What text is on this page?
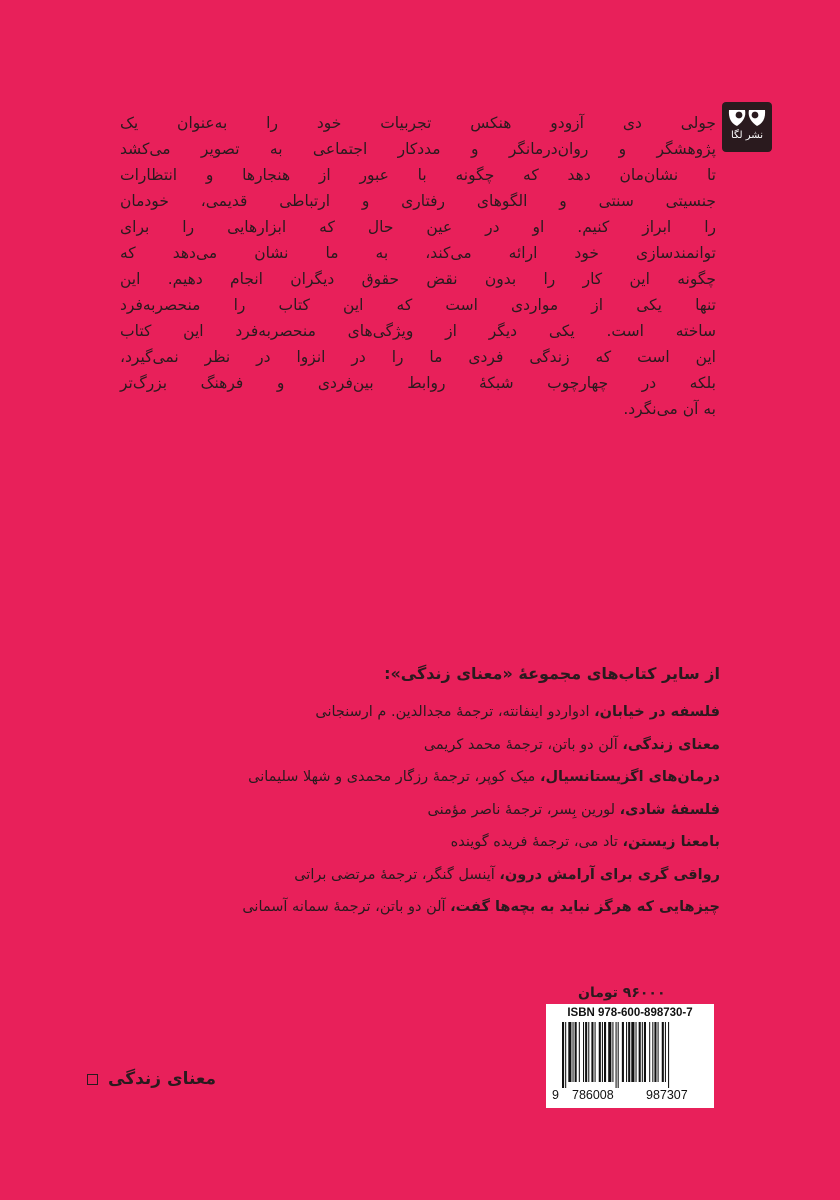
نشر لگا
جولی دی آزودو هنکس تجربیات خود را به‌عنوان یک
پژوهشگر و روان‌درمانگر و مددکار اجتماعی به تصویر می‌کشد
تا نشان‌مان دهد که چگونه با عبور از هنجارها و انتظارات
جنسیتی سنتی و الگوهای رفتاری و ارتباطی قدیمی، خودمان
را ابراز کنیم. او در عین حال که ابزارهایی را برای
توانمندسازی خود ارائه می‌کند، به ما نشان می‌دهد که
چگونه این کار را بدون نقض حقوق دیگران انجام دهیم. این
تنها یکی از مواردی است که این کتاب را منحصربه‌فرد
ساخته است. یکی دیگر از ویژگی‌های منحصربه‌فرد این کتاب
این است که زندگی فردی ما را در انزوا در نظر نمی‌گیرد،
بلکه در چهارچوب شبکهٔ روابط بین‌فردی و فرهنگ بزرگ‌تر
به آن می‌نگرد.
از سایر کتاب‌های مجموعهٔ «معنای زندگی»:
فلسفه در خیابان، ادواردو اینفانته، ترجمهٔ مجدالدین. م ارسنجانی
معنای زندگی، آلن دو باتن، ترجمهٔ محمد کریمی
درمان‌های اگزیستانسیال، میک کوپر، ترجمهٔ رزگار محمدی و شهلا سلیمانی
فلسفهٔ شادی، لورین بِسر، ترجمهٔ ناصر مؤمنی
بامعنا زیستن، تاد می، ترجمهٔ فریده گوینده
رواقی گری برای آرامش درون، آینسل گنگر، ترجمهٔ مرتضی براتی
چیزهایی که هرگز نباید به بچه‌ها گفت، آلن دو باتن، ترجمهٔ سمانه آسمانی
۹۶۰۰۰ تومان
ISBN 978-600-898730-7
9 786008	987307
معنای زندگی
